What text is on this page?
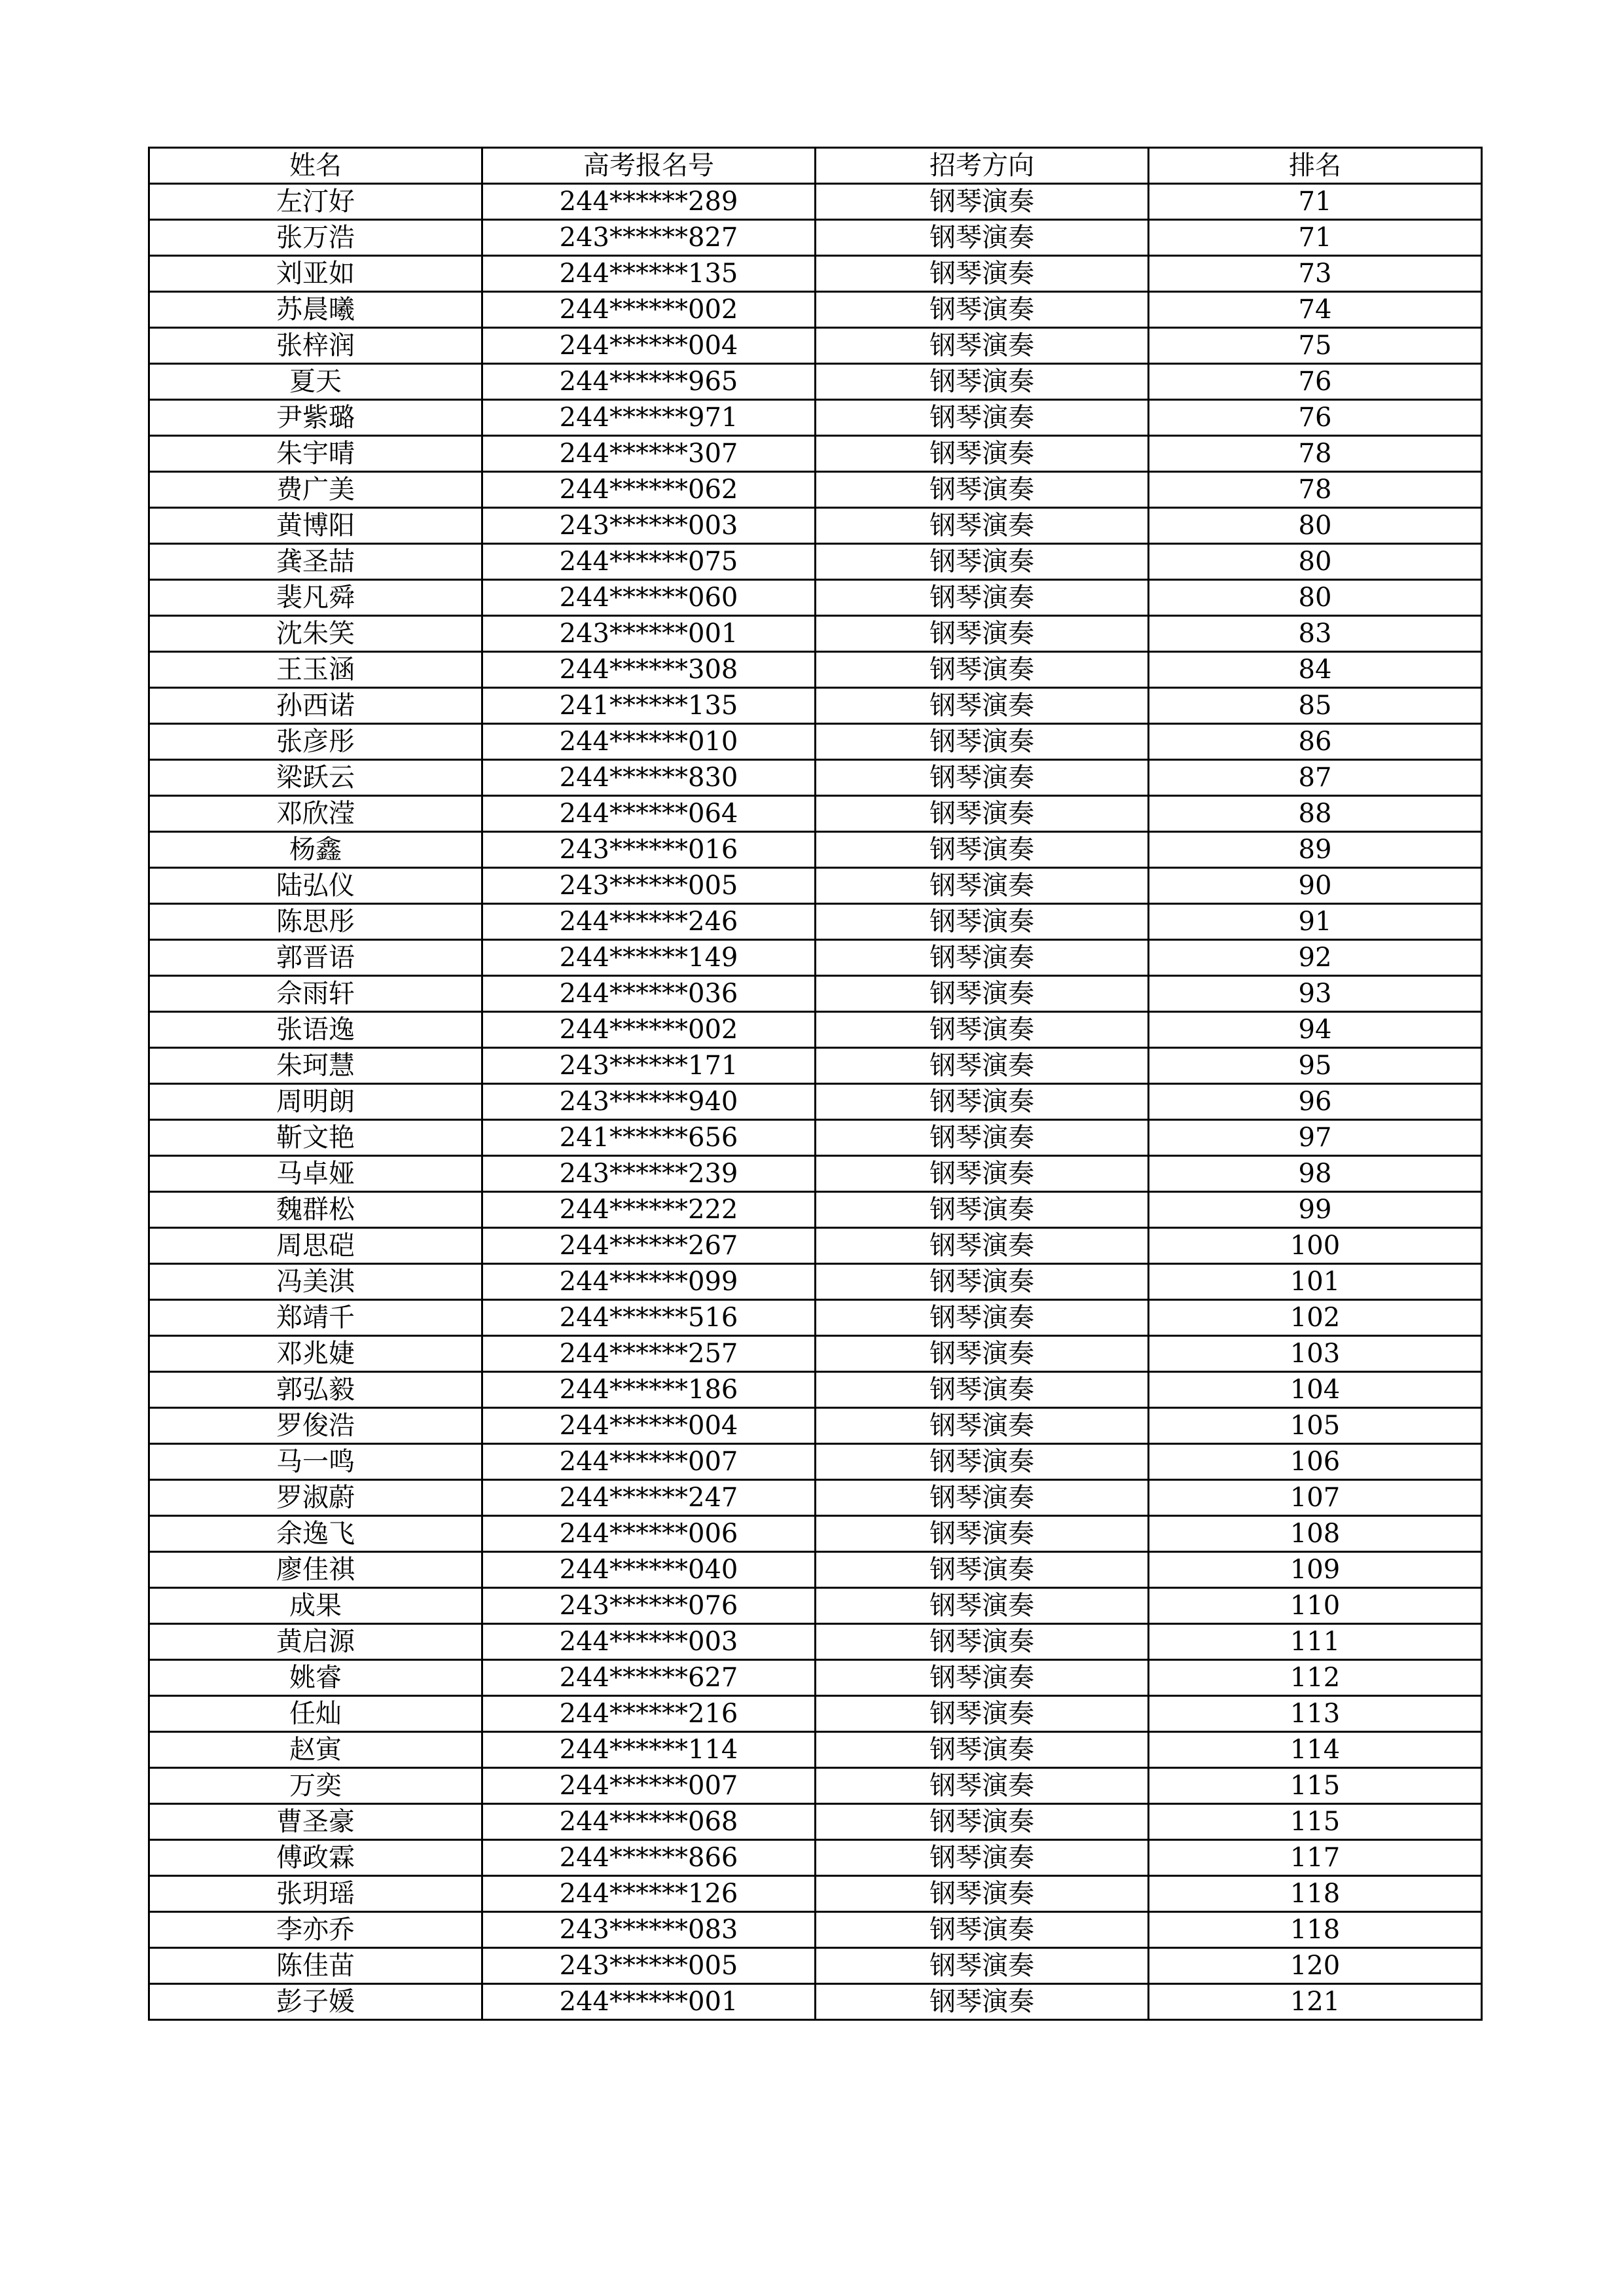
姓名	高考报名号	招考方向	排名
左汀好	244******289	钢琴演奏	71
张万浩	243******827	钢琴演奏	71
刘亚如	244******135	钢琴演奏	73
苏晨曦	244******002	钢琴演奏	74
张梓润	244******004	钢琴演奏	75
夏天	244******965	钢琴演奏	76
尹紫璐	244******971	钢琴演奏	76
朱宇晴	244******307	钢琴演奏	78
费广美	244******062	钢琴演奏	78
黄博阳	243******003	钢琴演奏	80
龚圣喆	244******075	钢琴演奏	80
裴凡舜	244******060	钢琴演奏	80
沈朱笑	243******001	钢琴演奏	83
王玉涵	244******308	钢琴演奏	84
孙西诺	241******135	钢琴演奏	85
张彦彤	244******010	钢琴演奏	86
梁跃云	244******830	钢琴演奏	87
邓欣滢	244******064	钢琴演奏	88
杨鑫	243******016	钢琴演奏	89
陆弘仪	243******005	钢琴演奏	90
陈思彤	244******246	钢琴演奏	91
郭晋语	244******149	钢琴演奏	92
佘雨轩	244******036	钢琴演奏	93
张语逸	244******002	钢琴演奏	94
朱珂慧	243******171	钢琴演奏	95
周明朗	243******940	钢琴演奏	96
靳文艳	241******656	钢琴演奏	97
马卓娅	243******239	钢琴演奏	98
魏群松	244******222	钢琴演奏	99
周思硙	244******267	钢琴演奏	100
冯美淇	244******099	钢琴演奏	101
郑靖千	244******516	钢琴演奏	102
邓兆婕	244******257	钢琴演奏	103
郭弘毅	244******186	钢琴演奏	104
罗俊浩	244******004	钢琴演奏	105
马一鸣	244******007	钢琴演奏	106
罗淑蔚	244******247	钢琴演奏	107
余逸飞	244******006	钢琴演奏	108
廖佳祺	244******040	钢琴演奏	109
成果	243******076	钢琴演奏	110
黄启源	244******003	钢琴演奏	111
姚睿	244******627	钢琴演奏	112
任灿	244******216	钢琴演奏	113
赵寅	244******114	钢琴演奏	114
万奕	244******007	钢琴演奏	115
曹圣豪	244******068	钢琴演奏	115
傅政霖	244******866	钢琴演奏	117
张玥瑶	244******126	钢琴演奏	118
李亦乔	243******083	钢琴演奏	118
陈佳苗	243******005	钢琴演奏	120
彭子媛	244******001	钢琴演奏	121
